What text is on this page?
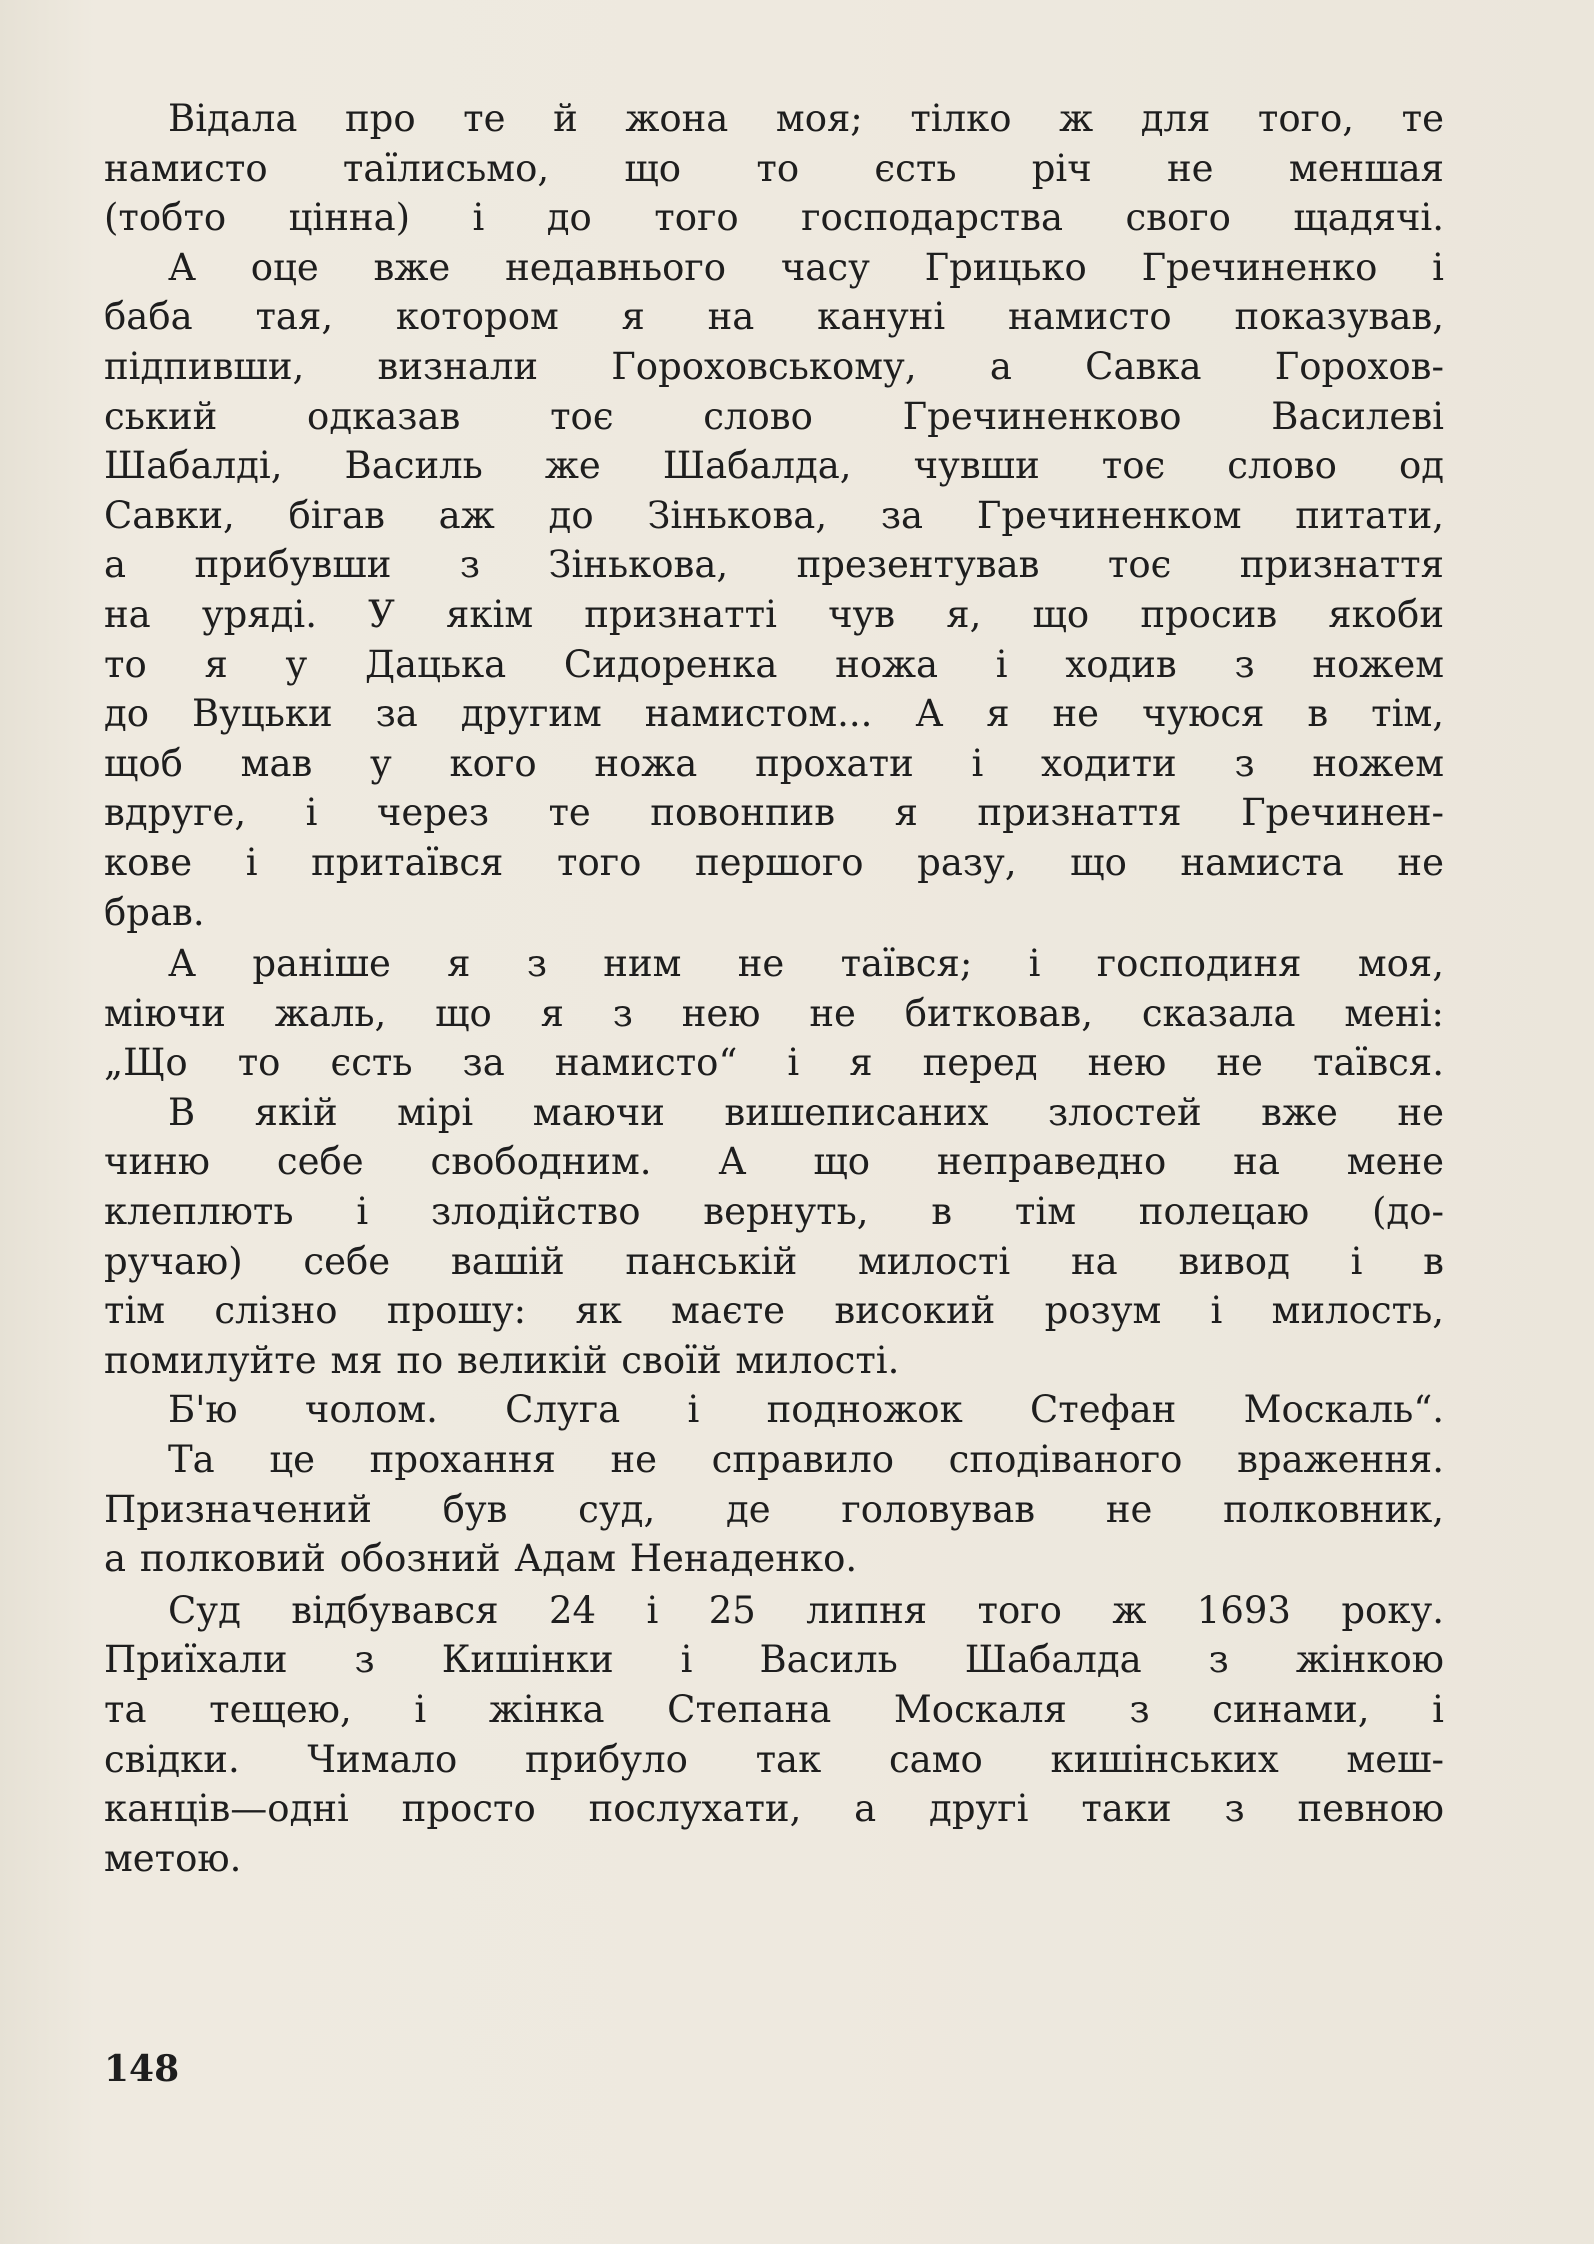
Відала про те й жона моя; тілко ж для того, те
намисто таїлисьмо, що то єсть річ не меншая
(тобто цінна) і до того господарства свого щадячі.
А оце вже недавнього часу Грицько Гречиненко і
баба тая, котором я на кануні намисто показував,
підпивши, визнали Гороховському, а Савка Горохов-
ський одказав тоє слово Гречиненково Василеві
Шабалді, Василь же Шабалда, чувши тоє слово од
Савки, бігав аж до Зінькова, за Гречиненком питати,
а прибувши з Зінькова, презентував тоє признаття
на уряді. У якім признатті чув я, що просив якоби
то я у Дацька Сидоренка ножа і ходив з ножем
до Вуцьки за другим намистом... А я не чуюся в тім,
щоб мав у кого ножа прохати і ходити з ножем
вдруге, і через те повонпив я признаття Гречинен-
кове і притаївся того першого разу, що намиста не
брав.
А раніше я з ним не таївся; і господиня моя,
міючи жаль, що я з нею не битковав, сказала мені:
„Що то єсть за намисто“ і я перед нею не таївся.
В якій мірі маючи вишеписаних злостей вже не
чиню себе свободним. А що неправедно на мене
клеплють і злодійство вернуть, в тім полецаю (до-
ручаю) себе вашій панській милості на вивод і в
тім слізно прошу: як маєте високий розум і милость,
помилуйте мя по великій своїй милості.
Б'ю чолом. Слуга і подножок Стефан Москаль“.
Та це прохання не справило сподіваного враження.
Призначений був суд, де головував не полковник,
а полковий обозний Адам Ненаденко.
Суд відбувався 24 і 25 липня того ж 1693 року.
Приїхали з Кишінки і Василь Шабалда з жінкою
та тещею, і жінка Степана Москаля з синами, і
свідки. Чимало прибуло так само кишінських меш-
канців—одні просто послухати, а другі таки з певною
метою.
148
